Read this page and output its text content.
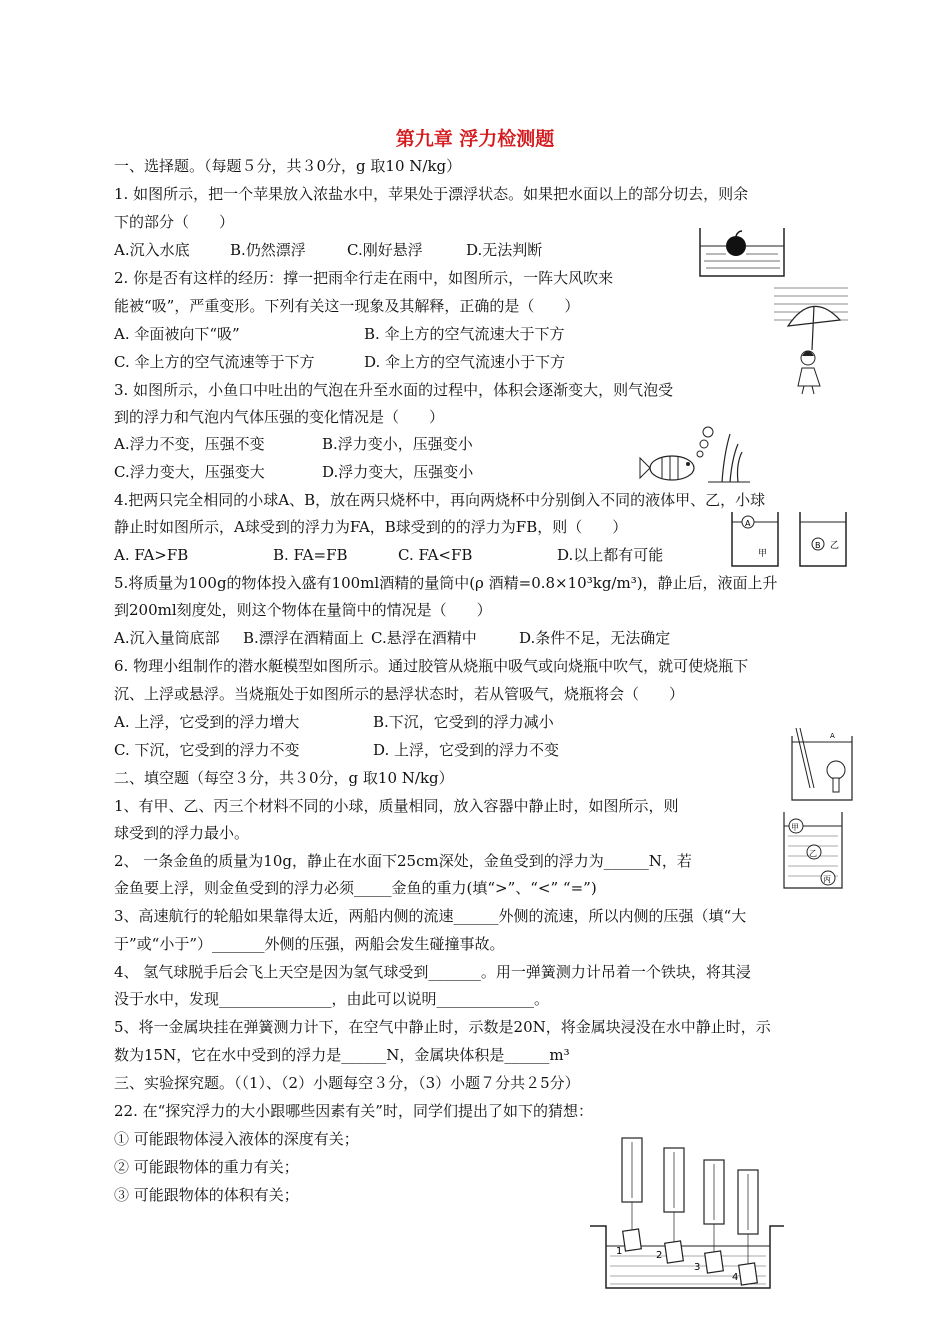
第九章 浮力检测题
一、选择题。（每题５分，共３0分，g 取10 N/kg）
1. 如图所示，把一个苹果放入浓盐水中，苹果处于漂浮状态。如果把水面以上的部分切去，则余
下的部分（　　）
A.沉入水底	B.仍然漂浮	C.刚好悬浮	D.无法判断
2. 你是否有这样的经历：撑一把雨伞行走在雨中，如图所示，一阵大风吹来
能被“吸”，严重变形。下列有关这一现象及其解释，正确的是（　　）
A. 伞面被向下“吸”	B. 伞上方的空气流速大于下方
C. 伞上方的空气流速等于下方	D. 伞上方的空气流速小于下方
3. 如图所示，小鱼口中吐出的气泡在升至水面的过程中，体积会逐渐变大，则气泡受
到的浮力和气泡内气体压强的变化情况是（　　）
A.浮力不变，压强不变	B.浮力变小，压强变小
C.浮力变大，压强变大	D.浮力变大，压强变小
4.把两只完全相同的小球A、B，放在两只烧杯中，再向两烧杯中分别倒入不同的液体甲、乙，小球
静止时如图所示，A球受到的浮力为FA，B球受到的的浮力为FB，则（　　）
A. FA>FB	B. FA=FB	C. FA<FB	D.以上都有可能
5.将质量为100g的物体投入盛有100ml酒精的量筒中(ρ 酒精=0.8×10³kg/m³)，静止后，液面上升
到200ml刻度处，则这个物体在量筒中的情况是（　　）
A.沉入量筒底部 B.漂浮在酒精面上 C.悬浮在酒精中	D.条件不足，无法确定
6. 物理小组制作的潜水艇模型如图所示。通过胶管从烧瓶中吸气或向烧瓶中吹气，就可使烧瓶下
沉、上浮或悬浮。当烧瓶处于如图所示的悬浮状态时，若从管吸气，烧瓶将会（　　）
A. 上浮，它受到的浮力增大	B.下沉，它受到的浮力减小
C. 下沉，它受到的浮力不变	D. 上浮，它受到的浮力不变
二、填空题（每空３分，共３0分，g 取10 N/kg）
1、有甲、乙、丙三个材料不同的小球，质量相同，放入容器中静止时，如图所示，则
球受到的浮力最小。
2、 一条金鱼的质量为10g，静止在水面下25cm深处，金鱼受到的浮力为______N，若
金鱼要上浮，则金鱼受到的浮力必须_____金鱼的重力(填“>”、“<” “=”)
3、高速航行的轮船如果靠得太近，两船内侧的流速______外侧的流速，所以内侧的压强（填“大
于”或“小于”）_______外侧的压强，两船会发生碰撞事故。
4、 氢气球脱手后会飞上天空是因为氢气球受到_______。用一弹簧测力计吊着一个铁块，将其浸
没于水中，发现_______________，由此可以说明_____________。
5、将一金属块挂在弹簧测力计下，在空气中静止时，示数是20N，将金属块浸没在水中静止时，示
数为15N，它在水中受到的浮力是______N，金属块体积是______m³
三、实验探究题。（（1）、（2）小题每空３分，（3）小题７分共２5分）
22. 在“探究浮力的大小跟哪些因素有关”时，同学们提出了如下的猜想：
① 可能跟物体浸入液体的深度有关；
② 可能跟物体的重力有关；
③ 可能跟物体的体积有关；
A
甲
B 乙
A
甲
乙
丙
1	2
3
4
